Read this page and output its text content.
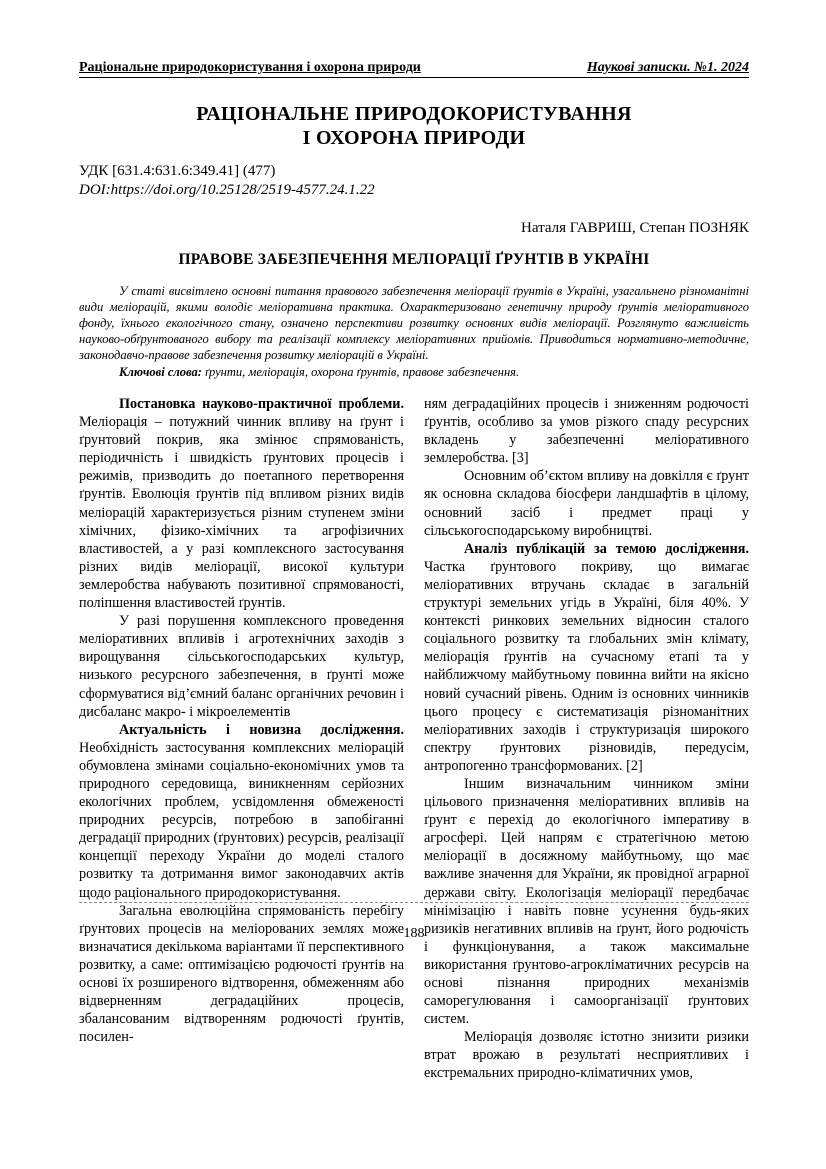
Раціональне природокористування і охорона природи	Наукові записки. №1. 2024
РАЦІОНАЛЬНЕ ПРИРОДОКОРИСТУВАННЯ
І ОХОРОНА ПРИРОДИ
УДК [631.4:631.6:349.41] (477)
DOI:https://doi.org/10.25128/2519-4577.24.1.22
Наталя ГАВРИШ, Степан ПОЗНЯК
ПРАВОВЕ ЗАБЕЗПЕЧЕННЯ МЕЛІОРАЦІЇ ҐРУНТІВ В УКРАЇНІ
У статі висвітлено основні питання правового забезпечення меліорації ґрунтів в Україні, узагальнено різноманітні види меліорацій, якими володіє меліоративна практика. Охарактеризовано генетичну природу ґрунтів меліоративного фонду, їхнього екологічного стану, означено перспективи розвитку основних видів меліорації. Розглянуто важливість науково-обґрунтованого вибору та реалізації комплексу меліоративних прийомів. Приводиться нормативно-методичне, законодавчо-правове забезпечення розвитку меліорацій в Україні.
Ключові слова: ґрунти, меліорація, охорона ґрунтів, правове забезпечення.

Постановка науково-практичної проблеми. Меліорація – потужний чинник впливу на ґрунт і ґрунтовий покрив, яка змінює спрямованість, періодичність і швидкість ґрунтових процесів і режимів, призводить до поетапного перетворення ґрунтів. Еволюція ґрунтів під впливом різних видів меліорацій характеризується різним ступенем зміни хімічних, фізико-хімічних та агрофізичних властивостей, а у разі комплексного застосування різних видів меліорації, високої культури землеробства набувають позитивної спрямованості, поліпшення властивостей ґрунтів.

У разі порушення комплексного проведення меліоративних впливів і агротехнічних заходів з вирощування сільськогосподарських культур, низького ресурсного забезпечення, в ґрунті може сформуватися від’ємний баланс органічних речовин і дисбаланс макро- і мікроелементів

Актуальність і новизна дослідження. Необхідність застосування комплексних меліорацій обумовлена змінами соціально-економічних умов та природного середовища, виникненням серйозних екологічних проблем, усвідомлення обмеженості природних ресурсів, потребою в запобіганні деградації природних (ґрунтових) ресурсів, реалізації концепції переходу України до моделі сталого розвитку та дотримання вимог законодавчих актів щодо раціонального природокористування.

Загальна еволюційна спрямованість перебігу ґрунтових процесів на меліорованих землях може визначатися декількома варіантами її перспективного розвитку, а саме: оптимізацією родючості ґрунтів на основі їх розширеного відтворення, обмеженням або відверненням деградаційних процесів, збалансованим відтворенням родючості ґрунтів, посилен-

ням деградаційних процесів і зниженням родючості ґрунтів, особливо за умов різкого спаду ресурсних вкладень у забезпеченні меліоративного землеробства. [3]

Основним об’єктом впливу на довкілля є ґрунт як основна складова біосфери ландшафтів в цілому, основний засіб і предмет праці у сільськогосподарському виробництві.

Аналіз публікацій за темою дослідження. Частка ґрунтового покриву, що вимагає меліоративних втручань складає в загальній структурі земельних угідь в Україні, біля 40%. У контексті ринкових земельних відносин сталого соціального розвитку та глобальних змін клімату, меліорація ґрунтів на сучасному етапі та у найближчому майбутньому повинна вийти на якісно новий сучасний рівень. Одним із основних чинників цього процесу є систематизація різноманітних меліоративних заходів і структуризація широкого спектру ґрунтових різновидів, передусім, антропогенно трансформованих. [2]

Іншим визначальним чинником зміни цільового призначення меліоративних впливів на ґрунт є перехід до екологічного імперативу в агросфері. Цей напрям є стратегічною метою меліорації в досяжному майбутньому, що має важливе значення для України, як провідної аграрної держави світу. Екологізація меліорації передбачає мінімізацію і навіть повне усунення будь-яких ризиків негативних впливів на ґрунт, його родючість і функціонування, а також максимальне використання ґрунтово-агрокліматичних ресурсів на основі пізнання природних механізмів саморегулювання і самоорганізації ґрунтових систем.

Меліорація дозволяє істотно знизити ризики втрат врожаю в результаті несприятливих і екстремальних природно-кліматичних умов,

188
